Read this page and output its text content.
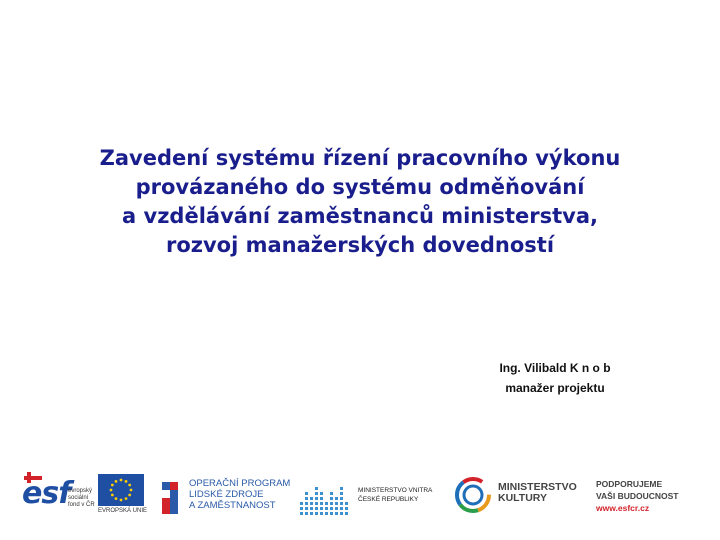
Zavedení systému řízení pracovního výkonu
provázaného do systému odměňování
a vzdělávání zaměstnanců ministerstva,
rozvoj manažerských dovedností
Ing. Vilibald K n o b
manažer projektu
esf
evropský
sociální
fond v ČR
EVROPSKÁ UNIE
OPERAČNÍ PROGRAM
LIDSKÉ ZDROJE
A ZAMĚSTNANOST
MINISTERSTVO VNITRA
ČESKÉ REPUBLIKY
MINISTERSTVO
KULTURY
PODPORUJEME
VAŠI BUDOUCNOST
www.esfcr.cz
